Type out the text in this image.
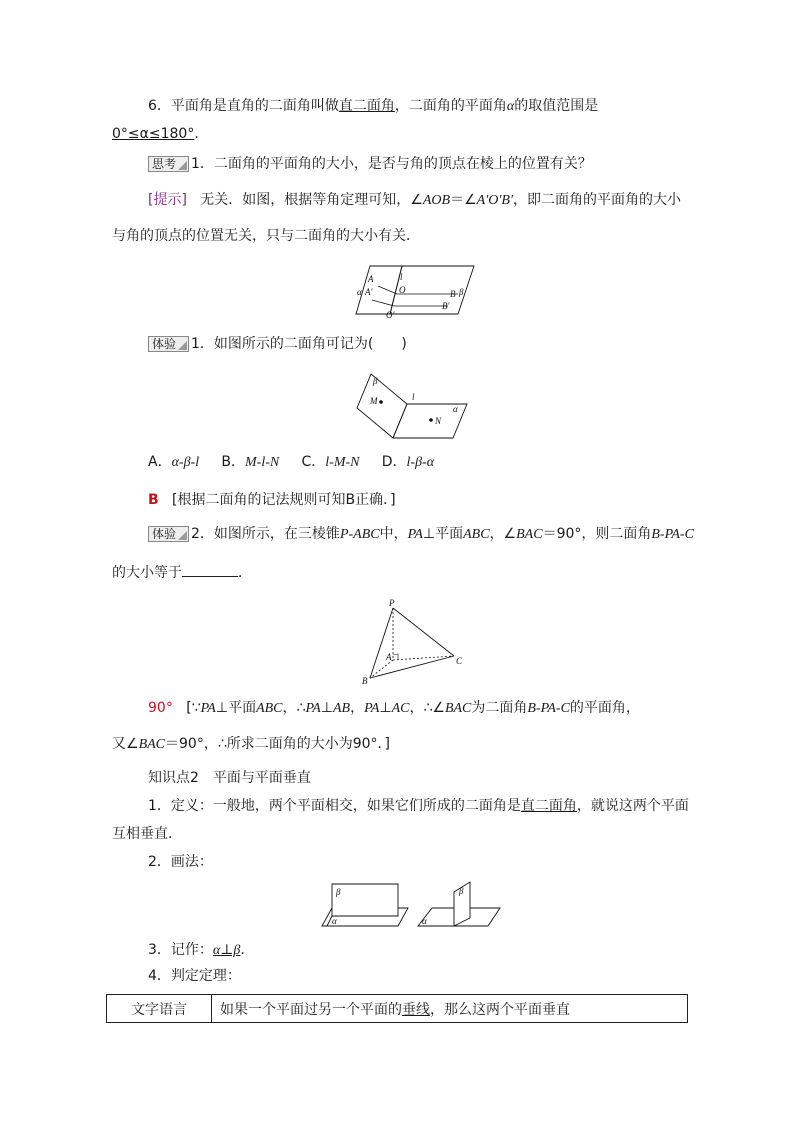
6．平面角是直角的二面角叫做直二面角，二面角的平面角α的取值范围是
0°≤α≤180°.
思考 1．二面角的平面角的大小，是否与角的顶点在棱上的位置有关？
[提示] 无关．如图，根据等角定理可知，∠AOB＝∠A′O′B′，即二面角的平面角的大小
与角的顶点的位置无关，只与二面角的大小有关．
A	l
α A′	O	B β
B′
O′
体验 1．如图所示的二面角可记为(　　)
β
M	l
α
N
A．α-β-l B．M-l-N C．l-M-N D．l-β-α
B [根据二面角的记法规则可知B正确．]
体验 2．如图所示，在三棱锥P-ABC中，PA⊥平面ABC，∠BAC＝90°，则二面角B-PA-C
的大小等于	．
P
A	C
B
90° [∵PA⊥平面ABC，∴PA⊥AB，PA⊥AC，∴∠BAC为二面角B-PA-C的平面角，
又∠BAC＝90°，∴所求二面角的大小为90°．]
知识点2　平面与平面垂直
1．定义：一般地，两个平面相交，如果它们所成的二面角是直二面角，就说这两个平面
互相垂直．
2．画法：
β
α
β
α
3．记作：α⊥β.
4．判定定理：
文字语言	如果一个平面过另一个平面的垂线，那么这两个平面垂直
